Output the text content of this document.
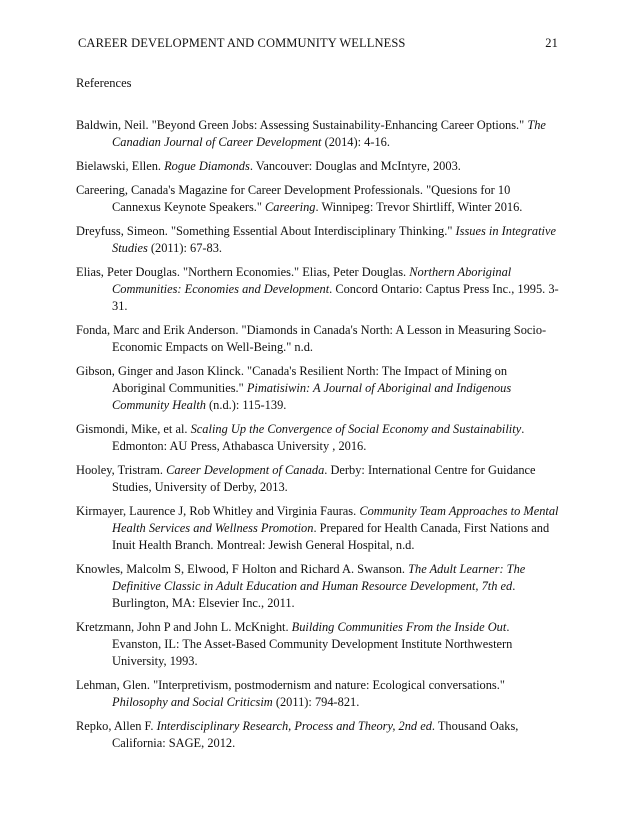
CAREER DEVELOPMENT AND COMMUNITY WELLNESS	21
References

Baldwin, Neil. "Beyond Green Jobs: Assessing Sustainability-Enhancing Career Options." The Canadian Journal of Career Development (2014): 4-16.

Bielawski, Ellen. Rogue Diamonds. Vancouver: Douglas and McIntyre, 2003.

Careering, Canada's Magazine for Career Development Professionals. "Quesions for 10 Cannexus Keynote Speakers." Careering. Winnipeg: Trevor Shirtliff, Winter 2016.

Dreyfuss, Simeon. "Something Essential About Interdisciplinary Thinking." Issues in Integrative Studies (2011): 67-83.

Elias, Peter Douglas. "Northern Economies." Elias, Peter Douglas. Northern Aboriginal Communities: Economies and Development. Concord Ontario: Captus Press Inc., 1995. 3-31.

Fonda, Marc and Erik Anderson. "Diamonds in Canada's North: A Lesson in Measuring Socio-Economic Empacts on Well-Being." n.d.

Gibson, Ginger and Jason Klinck. "Canada's Resilient North: The Impact of Mining on Aboriginal Communities." Pimatisiwin: A Journal of Aboriginal and Indigenous Community Health (n.d.): 115-139.

Gismondi, Mike, et al. Scaling Up the Convergence of Social Economy and Sustainability. Edmonton: AU Press, Athabasca University , 2016.

Hooley, Tristram. Career Development of Canada. Derby: International Centre for Guidance Studies, University of Derby, 2013.

Kirmayer, Laurence J, Rob Whitley and Virginia Fauras. Community Team Approaches to Mental Health Services and Wellness Promotion. Prepared for Health Canada, First Nations and Inuit Health Branch. Montreal: Jewish General Hospital, n.d.

Knowles, Malcolm S, Elwood, F Holton and Richard A. Swanson. The Adult Learner: The Definitive Classic in Adult Education and Human Resource Development, 7th ed. Burlington, MA: Elsevier Inc., 2011.

Kretzmann, John P and John L. McKnight. Building Communities From the Inside Out. Evanston, IL: The Asset-Based Community Development Institute Northwestern University, 1993.

Lehman, Glen. "Interpretivism, postmodernism and nature: Ecological conversations." Philosophy and Social Criticsim (2011): 794-821.

Repko, Allen F. Interdisciplinary Research, Process and Theory, 2nd ed. Thousand Oaks, California: SAGE, 2012.
